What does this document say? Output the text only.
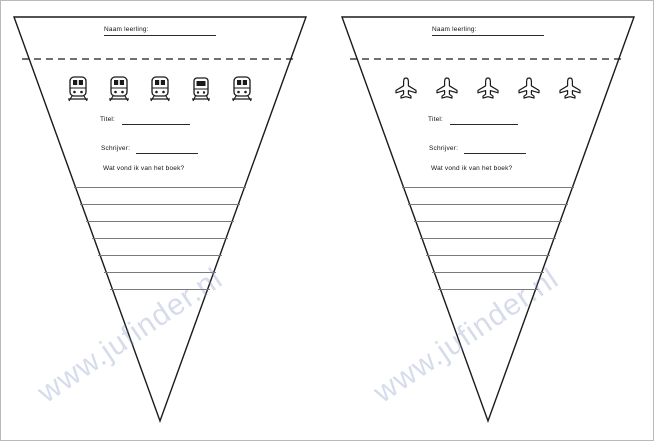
Naam leerling:
Titel:
Schrijver:
Wat vond ik van het boek?
Naam leerling:
Titel:
Schrijver:
Wat vond ik van het boek?
www.jufinder.nl	www.jufinder.nl
